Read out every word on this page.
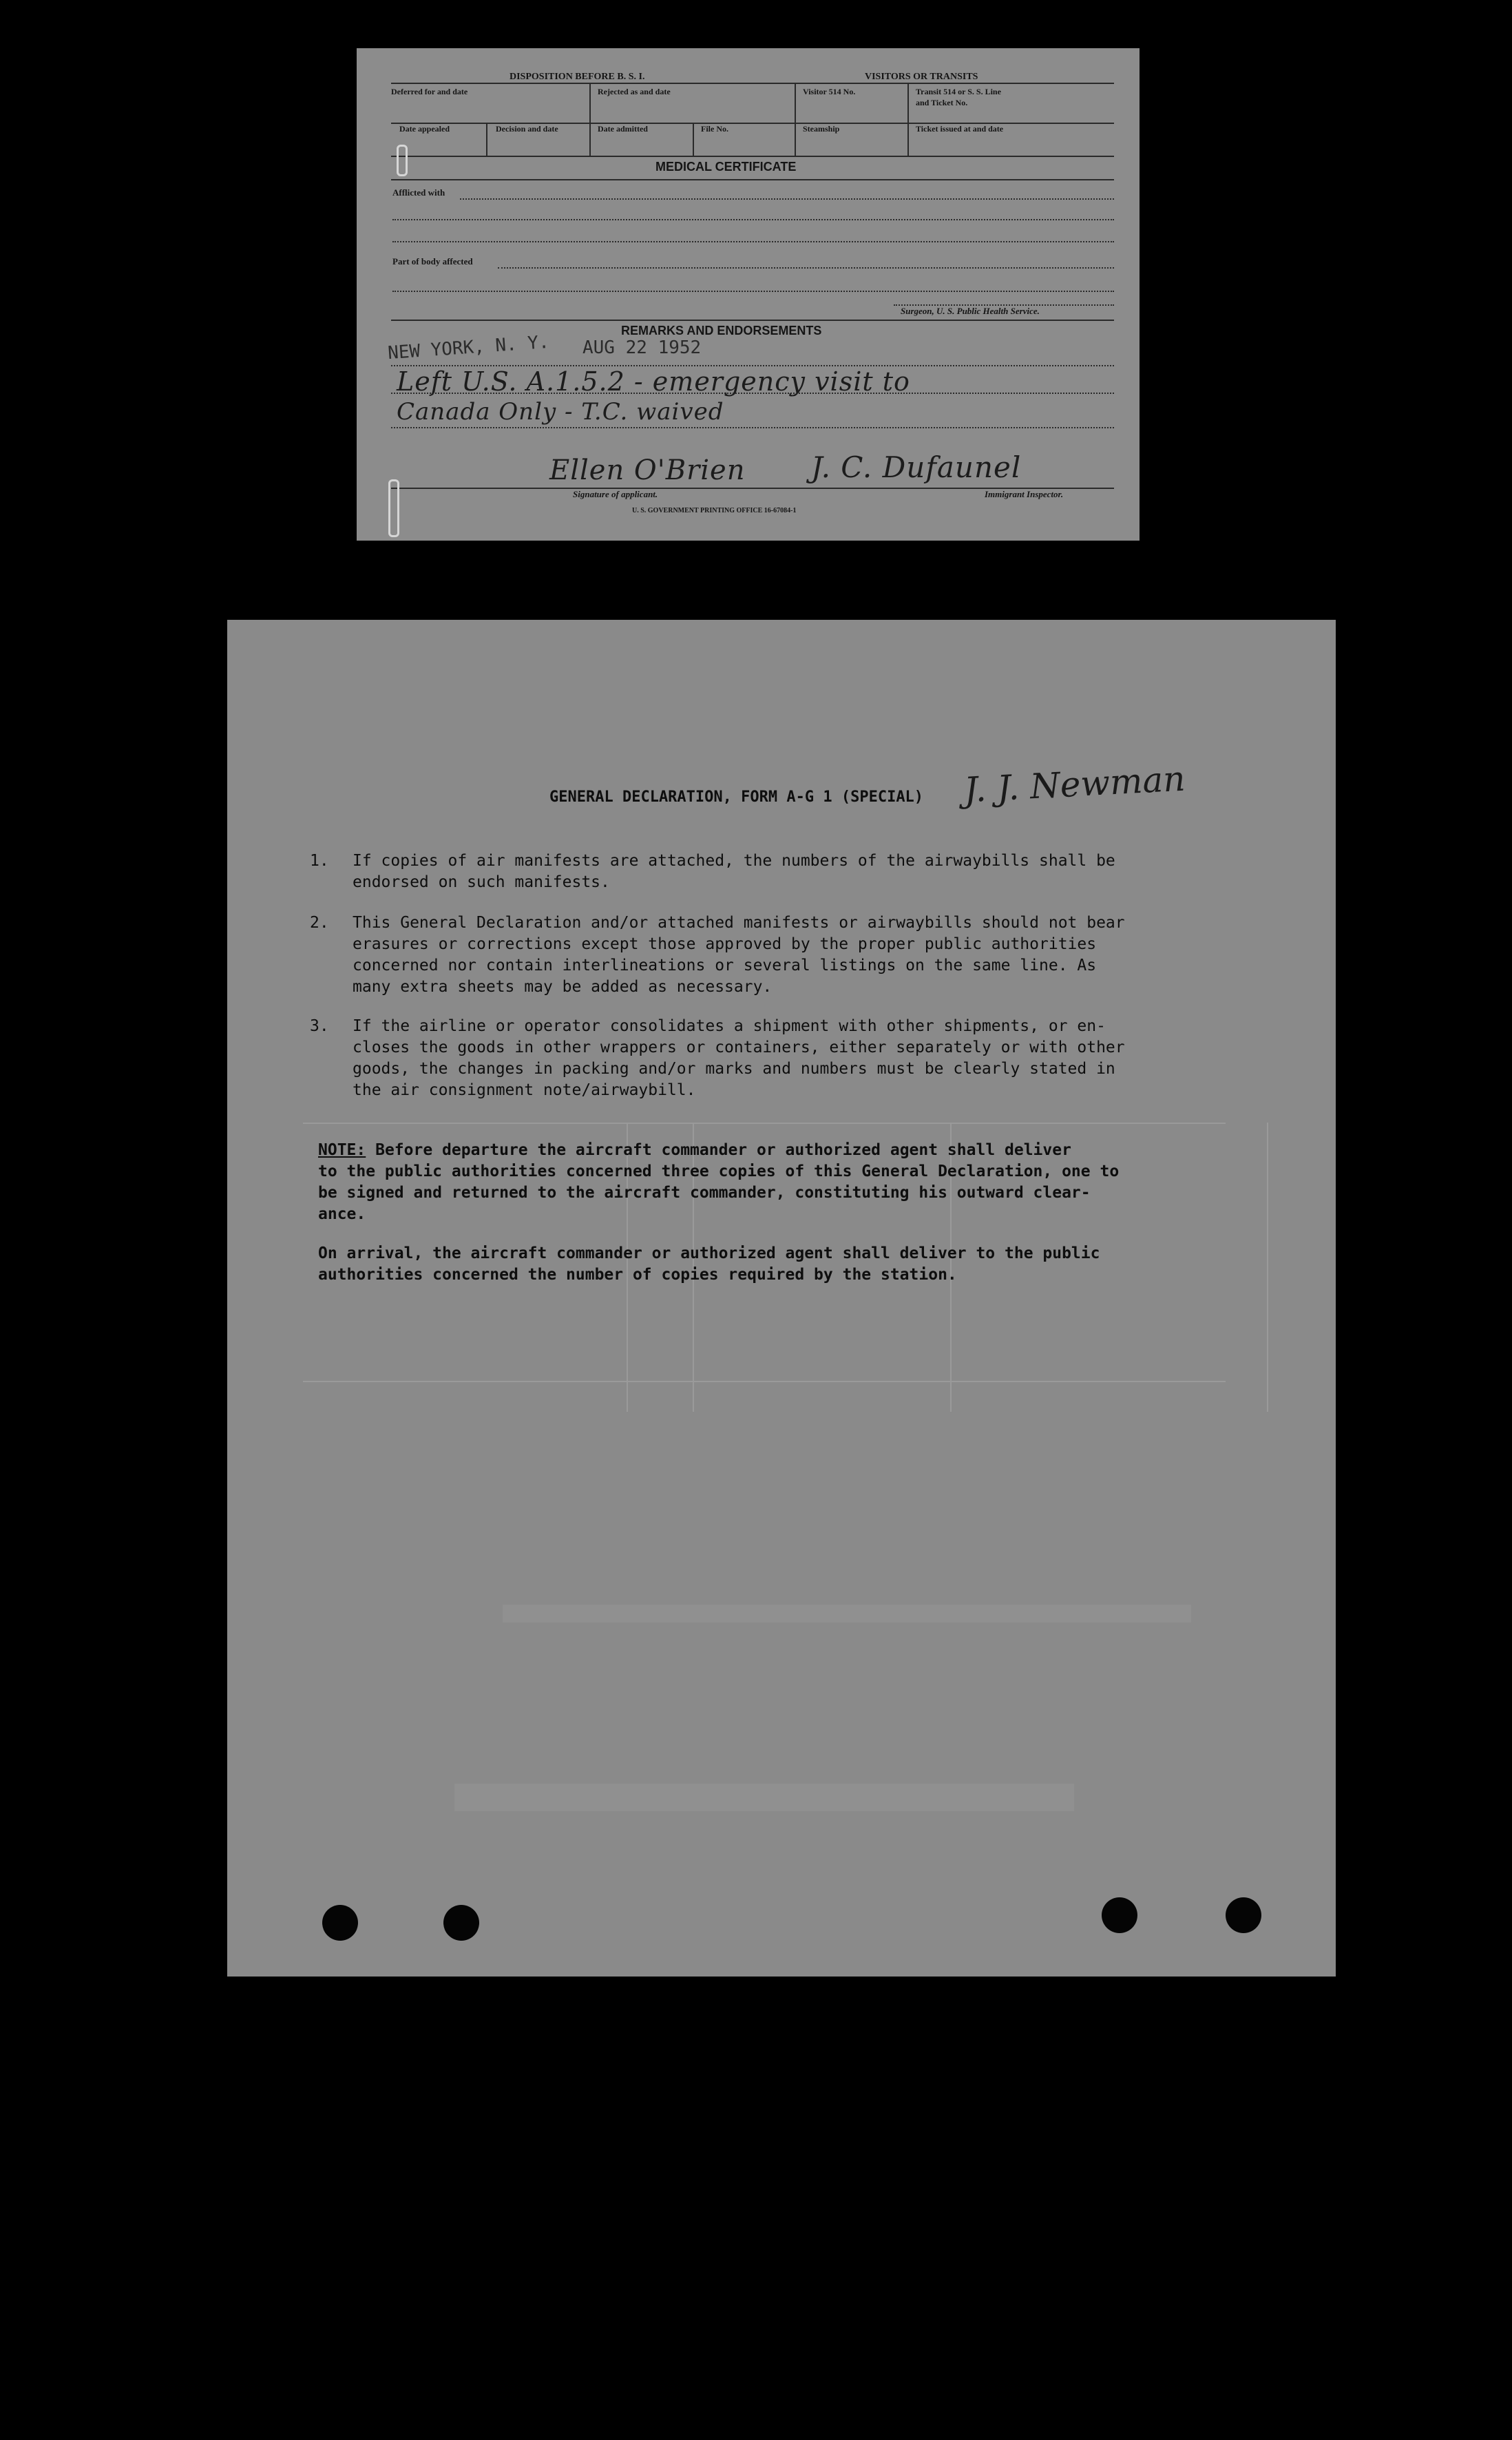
DISPOSITION BEFORE B. S. I.	VISITORS OR TRANSITS
Deferred for and date	Rejected as and date	Visitor 514 No.	Transit 514 or S. S. Line
and Ticket No.
Date appealed	Decision and date	Date admitted	File No.	Steamship	Ticket issued at and date
MEDICAL CERTIFICATE
Afflicted with
Part of body affected
Surgeon, U. S. Public Health Service.
REMARKS AND ENDORSEMENTS
NEW YORK, N. Y. AUG 22 1952
Left U.S. A.1.5.2 - emergency visit to
Canada Only - T.C. waived
Ellen O'Brien J. C. Dufaunel
Signature of applicant.	Immigrant Inspector.
U. S. GOVERNMENT PRINTING OFFICE 16-67084-1
GENERAL DECLARATION, FORM A-G 1 (SPECIAL) J. J. Newman
1. If copies of air manifests are attached, the numbers of the airwaybills shall be
endorsed on such manifests.
2. This General Declaration and/or attached manifests or airwaybills should not bear
erasures or corrections except those approved by the proper public authorities
concerned nor contain interlineations or several listings on the same line. As
many extra sheets may be added as necessary.
3. If the airline or operator consolidates a shipment with other shipments, or en-
closes the goods in other wrappers or containers, either separately or with other
goods, the changes in packing and/or marks and numbers must be clearly stated in
the air consignment note/airwaybill.
NOTE: Before departure the aircraft commander or authorized agent shall deliver
to the public authorities concerned three copies of this General Declaration, one to
be signed and returned to the aircraft commander, constituting his outward clear-
ance.
On arrival, the aircraft commander or authorized agent shall deliver to the public
authorities concerned the number of copies required by the station.
